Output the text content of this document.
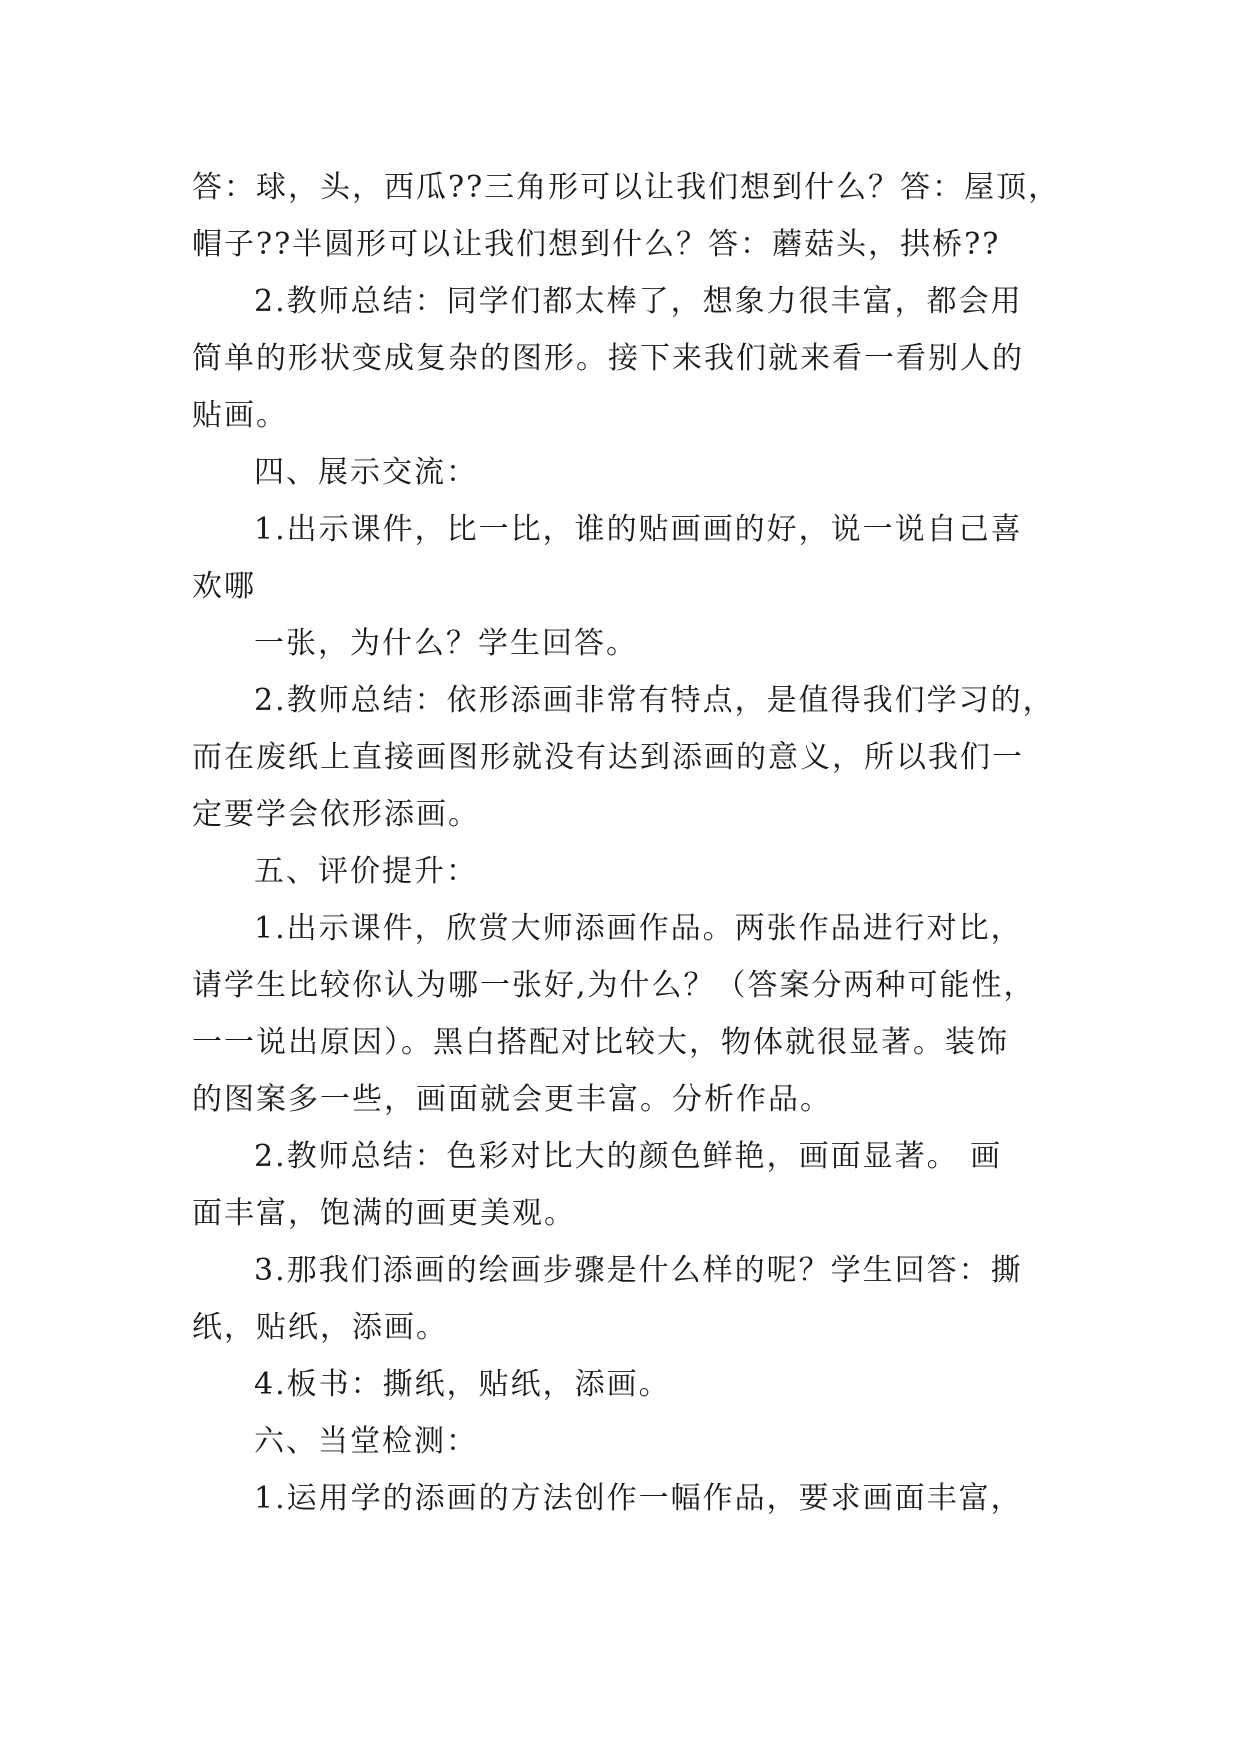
答：球，头，西瓜??三角形可以让我们想到什么？答：屋顶，
帽子??半圆形可以让我们想到什么？答：蘑菇头，拱桥??
2.教师总结：同学们都太棒了，想象力很丰富，都会用
简单的形状变成复杂的图形。接下来我们就来看一看别人的
贴画。
四、展示交流：
1.出示课件，比一比，谁的贴画画的好，说一说自己喜
欢哪
一张，为什么？学生回答。
2.教师总结：依形添画非常有特点，是值得我们学习的，
而在废纸上直接画图形就没有达到添画的意义，所以我们一
定要学会依形添画。
五、评价提升：
1.出示课件，欣赏大师添画作品。两张作品进行对比，
请学生比较你认为哪一张好,为什么？（答案分两种可能性，
一一说出原因）。黑白搭配对比较大，物体就很显著。装饰
的图案多一些，画面就会更丰富。分析作品。
2.教师总结：色彩对比大的颜色鲜艳，画面显著。 画
面丰富，饱满的画更美观。
3.那我们添画的绘画步骤是什么样的呢？学生回答：撕
纸，贴纸，添画。
4.板书：撕纸，贴纸，添画。
六、当堂检测：
1.运用学的添画的方法创作一幅作品，要求画面丰富，
